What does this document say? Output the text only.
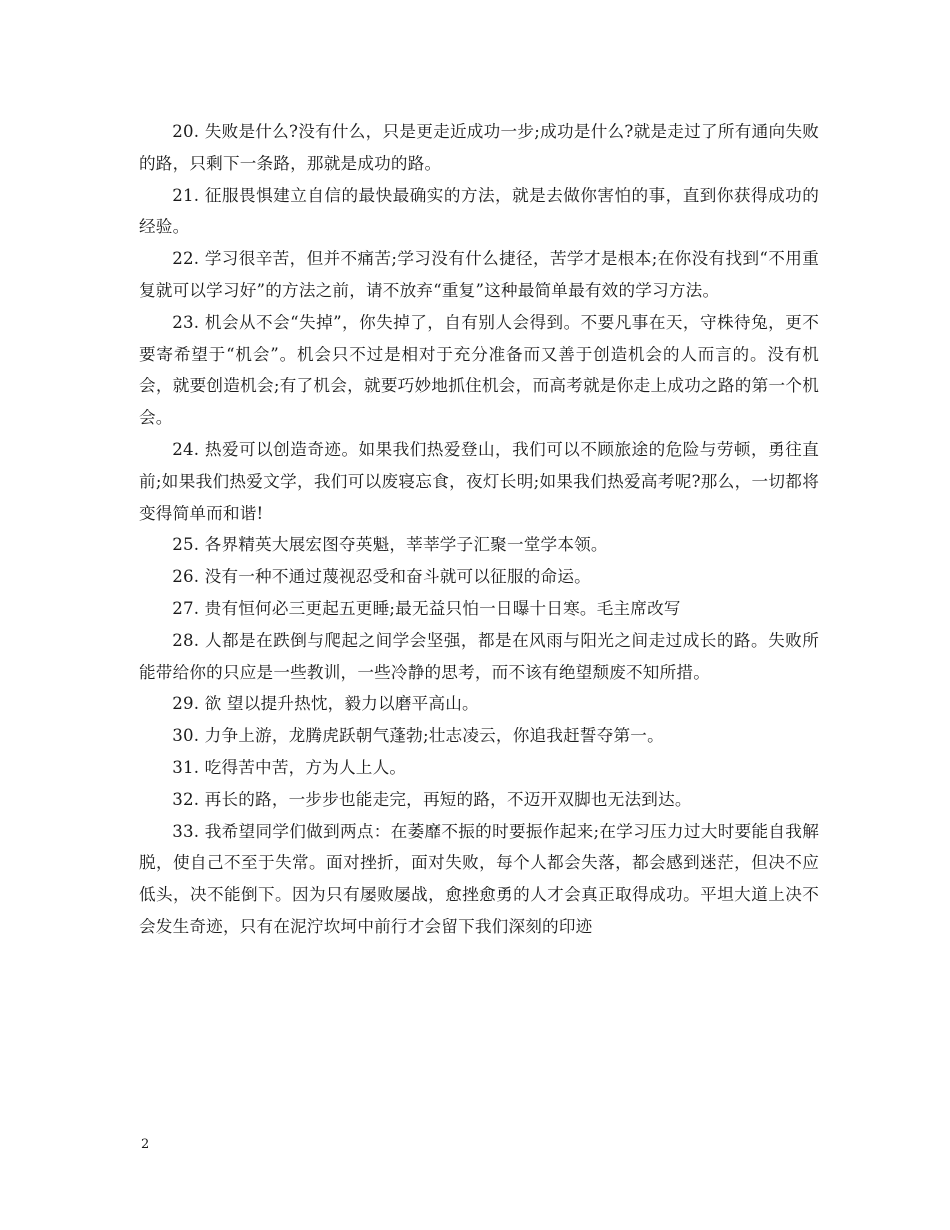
20. 失败是什么?没有什么，只是更走近成功一步;成功是什么?就是走过了所有通向失败的路，只剩下一条路，那就是成功的路。

21. 征服畏惧建立自信的最快最确实的方法，就是去做你害怕的事，直到你获得成功的经验。

22. 学习很辛苦，但并不痛苦;学习没有什么捷径，苦学才是根本;在你没有找到“不用重复就可以学习好”的方法之前，请不放弃“重复”这种最简单最有效的学习方法。

23. 机会从不会“失掉”，你失掉了，自有别人会得到。不要凡事在天，守株待兔，更不要寄希望于“机会”。机会只不过是相对于充分准备而又善于创造机会的人而言的。没有机会，就要创造机会;有了机会，就要巧妙地抓住机会，而高考就是你走上成功之路的第一个机会。

24. 热爱可以创造奇迹。如果我们热爱登山，我们可以不顾旅途的危险与劳顿，勇往直前;如果我们热爱文学，我们可以废寝忘食，夜灯长明;如果我们热爱高考呢?那么，一切都将变得简单而和谐!

25. 各界精英大展宏图夺英魁，莘莘学子汇聚一堂学本领。

26. 没有一种不通过蔑视忍受和奋斗就可以征服的命运。

27. 贵有恒何必三更起五更睡;最无益只怕一日曝十日寒。毛主席改写

28. 人都是在跌倒与爬起之间学会坚强，都是在风雨与阳光之间走过成长的路。失败所能带给你的只应是一些教训，一些冷静的思考，而不该有绝望颓废不知所措。

29. 欲 望以提升热忱，毅力以磨平高山。

30. 力争上游，龙腾虎跃朝气蓬勃;壮志凌云，你追我赶誓夺第一。

31. 吃得苦中苦，方为人上人。

32. 再长的路，一步步也能走完，再短的路，不迈开双脚也无法到达。

33. 我希望同学们做到两点：在萎靡不振的时要振作起来;在学习压力过大时要能自我解脱，使自己不至于失常。面对挫折，面对失败，每个人都会失落，都会感到迷茫，但决不应低头，决不能倒下。因为只有屡败屡战，愈挫愈勇的人才会真正取得成功。平坦大道上决不会发生奇迹，只有在泥泞坎坷中前行才会留下我们深刻的印迹

2
